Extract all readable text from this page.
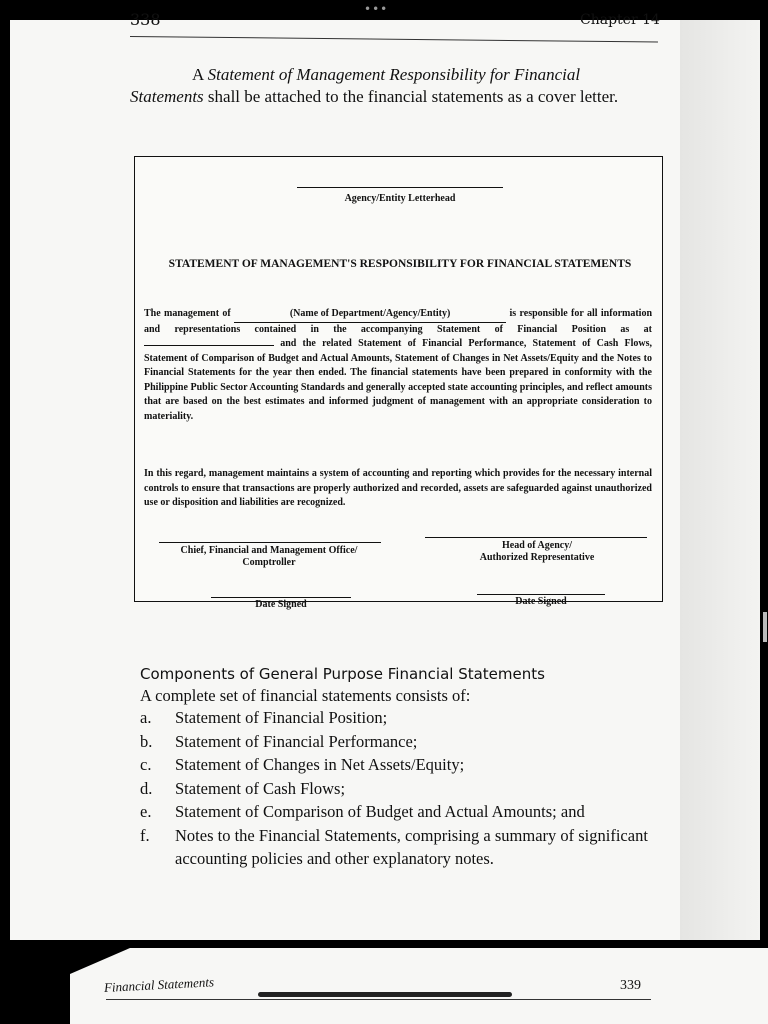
338
•••
Chapter 14
A Statement of Management Responsibility for Financial Statements shall be attached to the financial statements as a cover letter.
Agency/Entity Letterhead
STATEMENT OF MANAGEMENT'S RESPONSIBILITY FOR FINANCIAL STATEMENTS
The management of	(Name of Department/Agency/Entity)	is responsible for all information and representations contained in the accompanying Statement of Financial Position as at  and the related Statement of Financial Performance, Statement of Cash Flows, Statement of Comparison of Budget and Actual Amounts, Statement of Changes in Net Assets/Equity and the Notes to Financial Statements for the year then ended. The financial statements have been prepared in conformity with the Philippine Public Sector Accounting Standards and generally accepted state accounting principles, and reflect amounts that are based on the best estimates and informed judgment of management with an appropriate consideration to materiality.
In this regard, management maintains a system of accounting and reporting which provides for the necessary internal controls to ensure that transactions are properly authorized and recorded, assets are safeguarded against unauthorized use or disposition and liabilities are recognized.
Chief, Financial and Management Office/
Comptroller
Head of Agency/
Authorized Representative
Date Signed	Date Signed
Components of General Purpose Financial Statements
A complete set of financial statements consists of:
a.	Statement of Financial Position;
b.	Statement of Financial Performance;
c.	Statement of Changes in Net Assets/Equity;
d.	Statement of Cash Flows;
e.	Statement of Comparison of Budget and Actual Amounts; and
f.	Notes to the Financial Statements, comprising a summary of significant accounting policies and other explanatory notes.
Financial Statements	339
